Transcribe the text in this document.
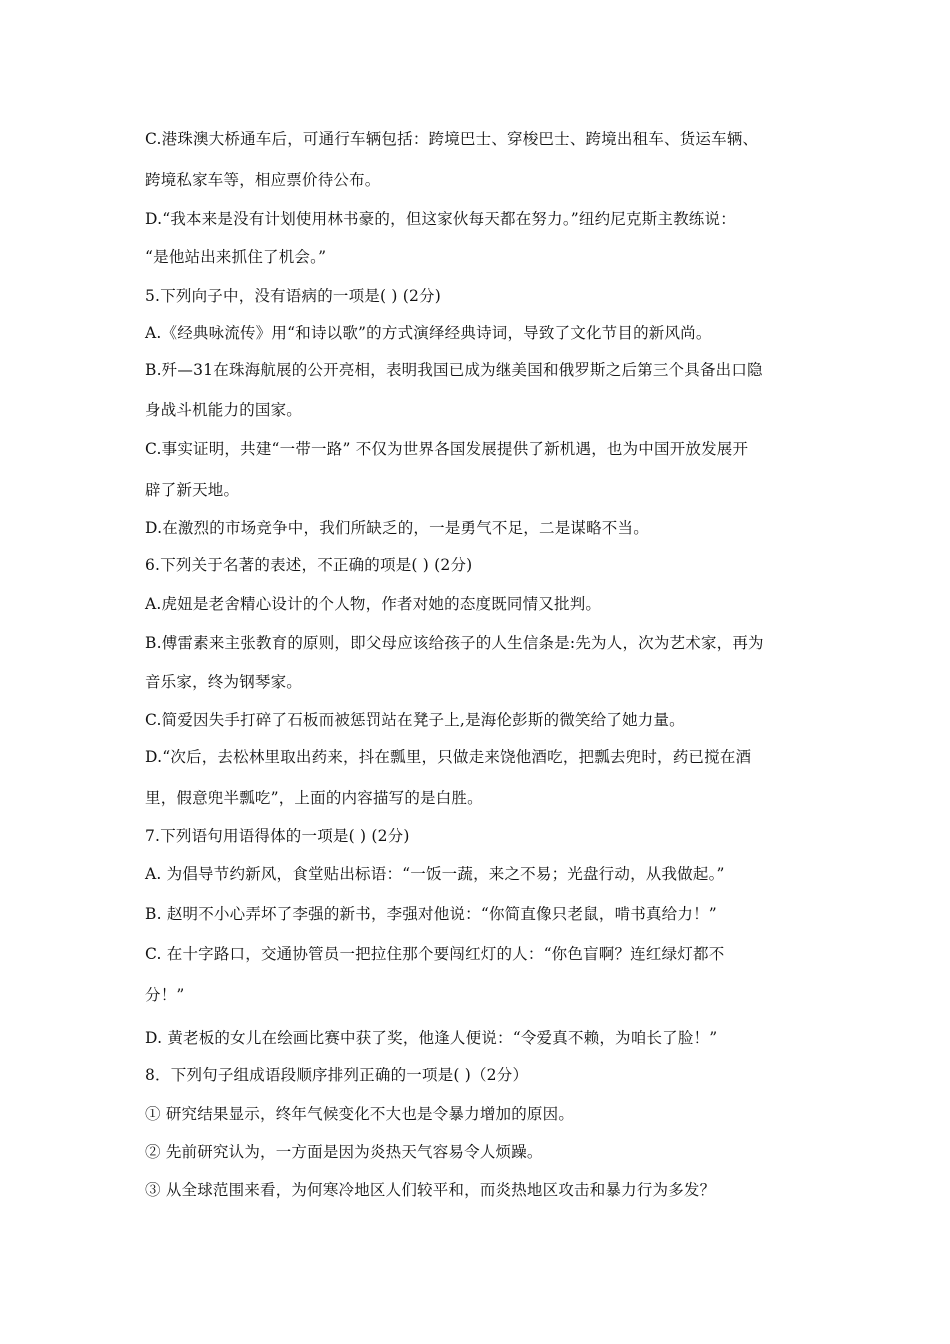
C.港珠澳大桥通车后，可通行车辆包括：跨境巴士、穿梭巴士、跨境出租车、货运车辆、
跨境私家车等，相应票价待公布。
D.“我本来是没有计划使用林书豪的，但这家伙每天都在努力。”纽约尼克斯主教练说：
“是他站出来抓住了机会。”
5.下列向子中，没有语病的一项是( ) (2分)
A.《经典咏流传》用“和诗以歌”的方式演绎经典诗词，导致了文化节目的新风尚。
B.歼—31在珠海航展的公开亮相，表明我国已成为继美国和俄罗斯之后第三个具备出口隐
身战斗机能力的国家。
C.事实证明，共建“一带一路” 不仅为世界各国发展提供了新机遇，也为中国开放发展开
辟了新天地。
D.在激烈的市场竞争中，我们所缺乏的，一是勇气不足，二是谋略不当。
6.下列关于名著的表述，不正确的项是( ) (2分)
A.虎妞是老舍精心设计的个人物，作者对她的态度既同情又批判。
B.傅雷素来主张教育的原则，即父母应该给孩子的人生信条是:先为人，次为艺术家，再为
音乐家，终为钢琴家。
C.简爱因失手打碎了石板而被惩罚站在凳子上,是海伦彭斯的微笑给了她力量。
D.“次后，去松林里取出药来，抖在瓢里，只做走来饶他酒吃，把瓢去兜时，药已搅在酒
里，假意兜半瓢吃”，上面的内容描写的是白胜。
7.下列语句用语得体的一项是( ) (2分)
A. 为倡导节约新风，食堂贴出标语：“一饭一蔬，来之不易；光盘行动，从我做起。”
B. 赵明不小心弄坏了李强的新书，李强对他说：“你简直像只老鼠，啃书真给力！”
C. 在十字路口，交通协管员一把拉住那个要闯红灯的人：“你色盲啊？连红绿灯都不
分！”
D. 黄老板的女儿在绘画比赛中获了奖，他逢人便说：“令爱真不赖，为咱长了脸！”
8．下列句子组成语段顺序排列正确的一项是( )（2分）
① 研究结果显示，终年气候变化不大也是令暴力增加的原因。
② 先前研究认为，一方面是因为炎热天气容易令人烦躁。
③ 从全球范围来看，为何寒冷地区人们较平和，而炎热地区攻击和暴力行为多发？
